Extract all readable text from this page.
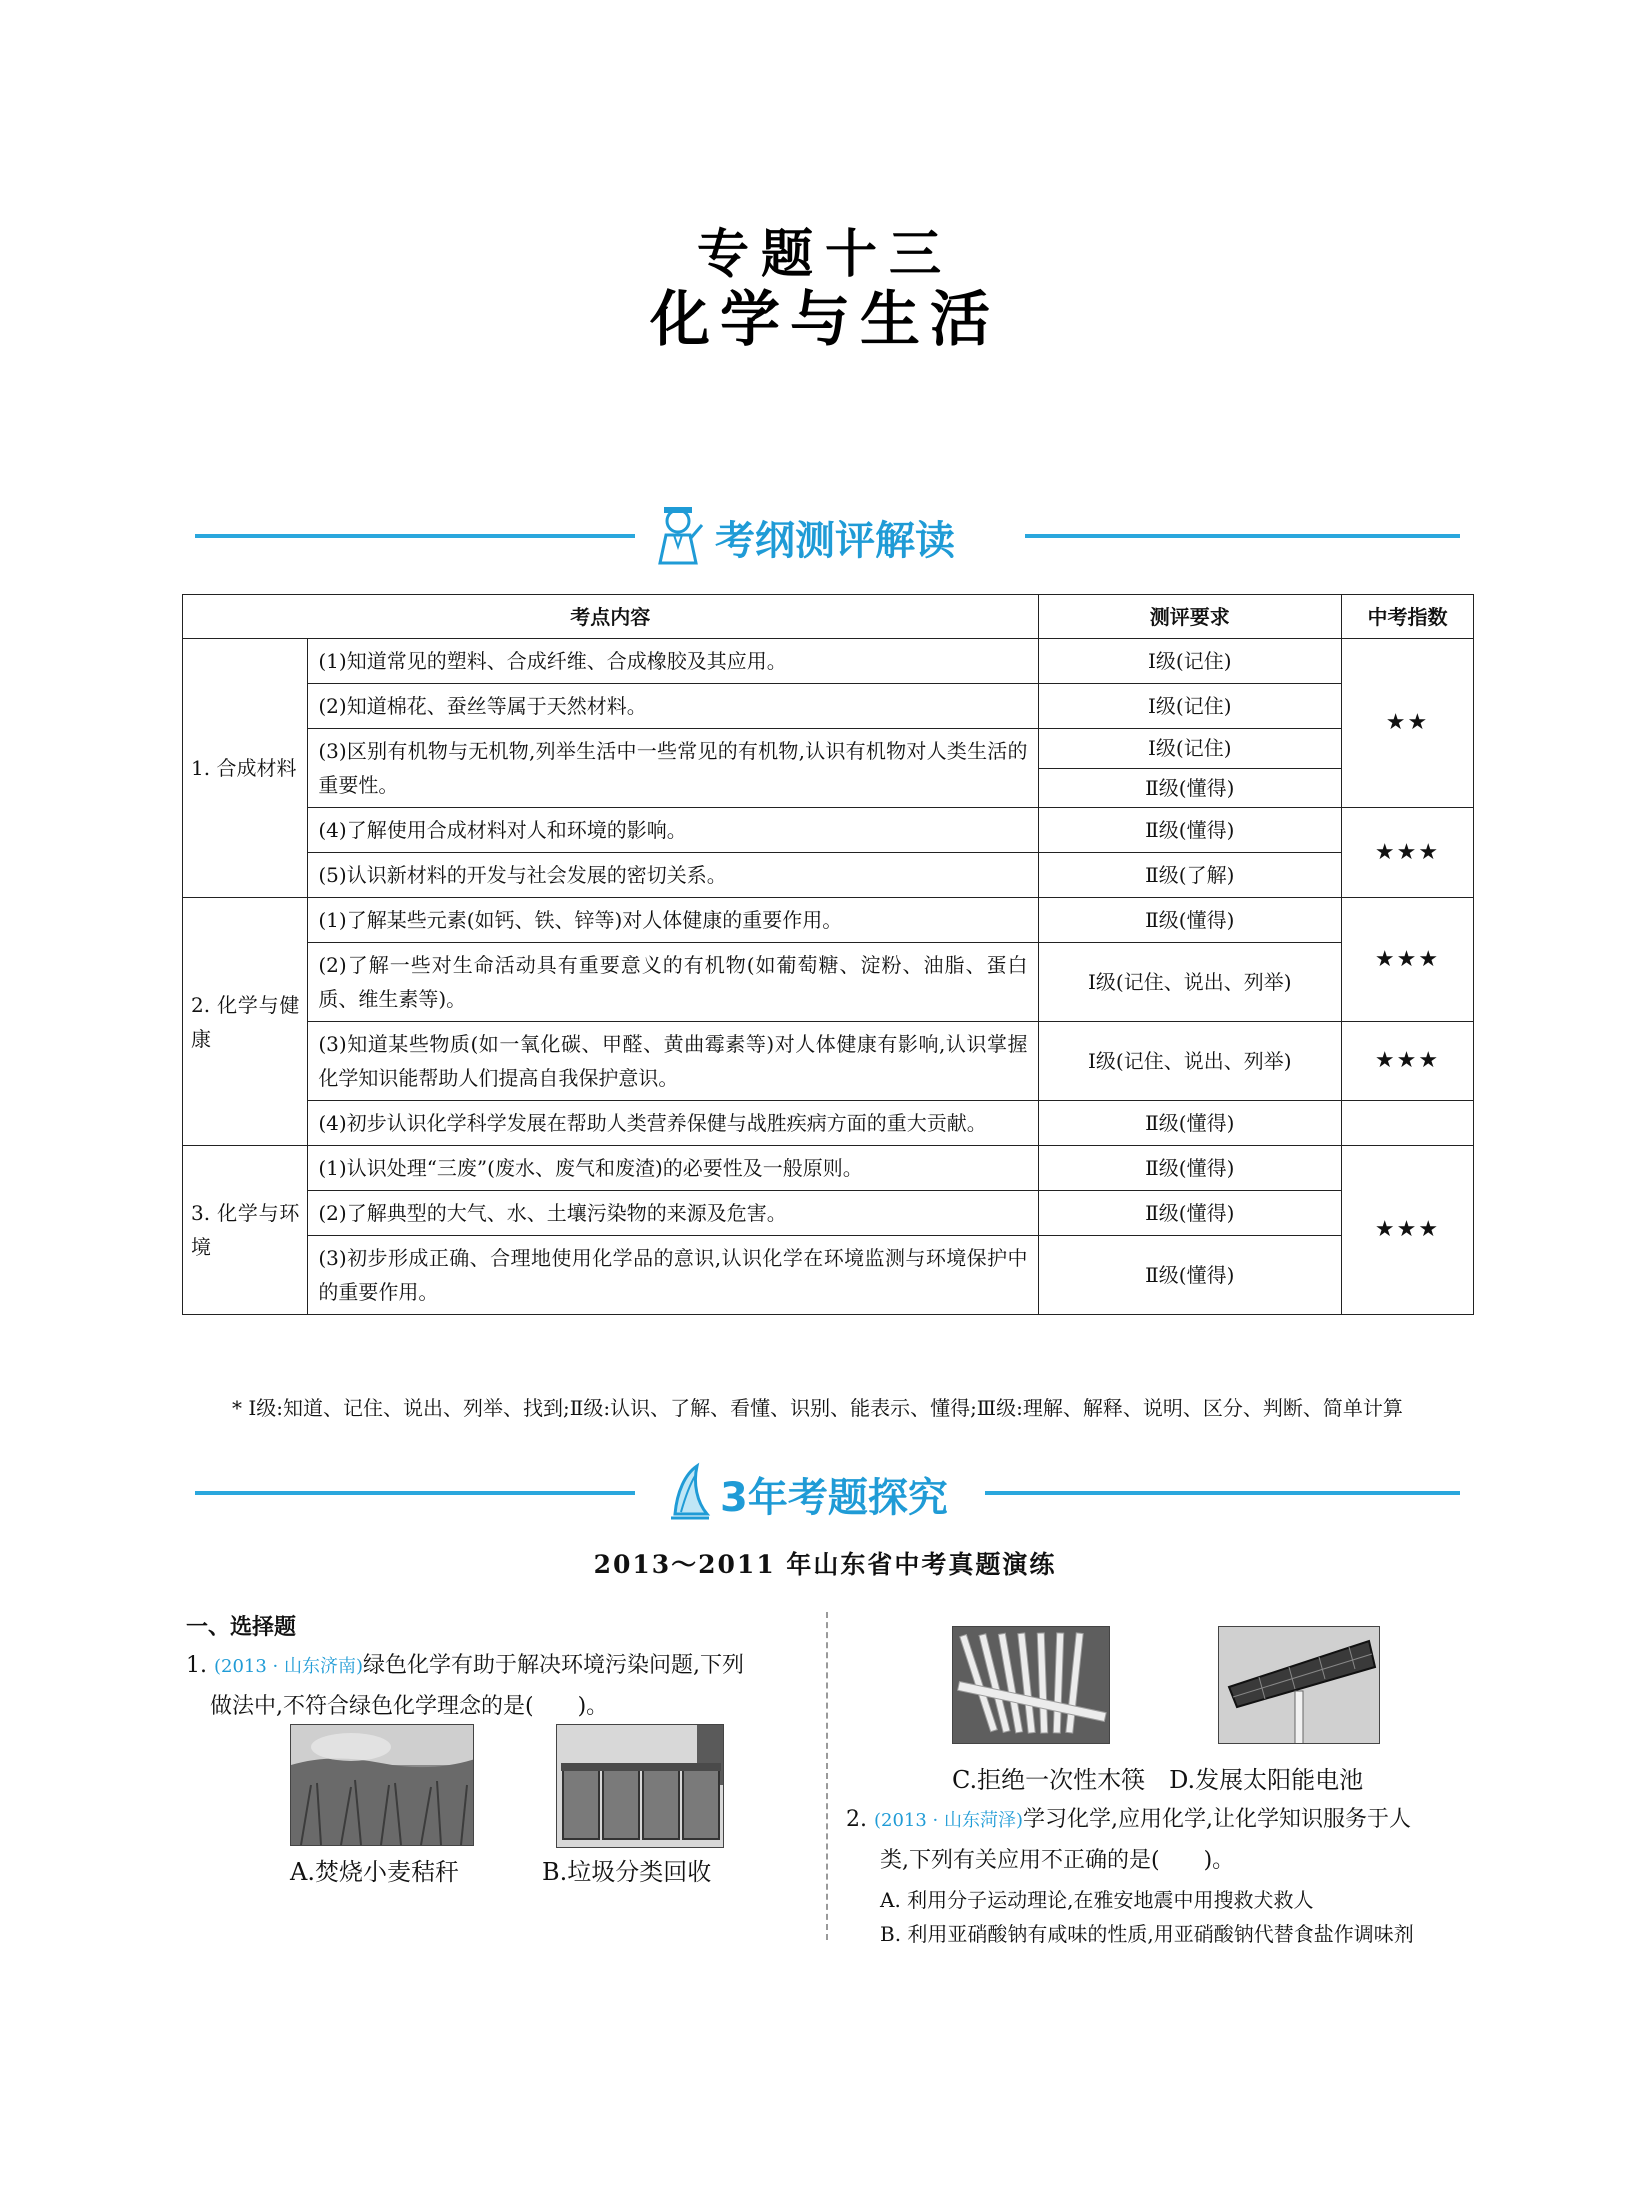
专题十三
化学与生活
考纲测评解读
考点内容		测评要求	中考指数
1. 合成材料	(1)知道常见的塑料、合成纤维、合成橡胶及其应用。	Ⅰ级(记住)	★★
	(2)知道棉花、蚕丝等属于天然材料。	Ⅰ级(记住)	
	(3)区别有机物与无机物,列举生活中一些常见的有机物,认识有机物对人类生活的重要性。	Ⅰ级(记住)	
		Ⅱ级(懂得)	
	(4)了解使用合成材料对人和环境的影响。	Ⅱ级(懂得)	★★★
	(5)认识新材料的开发与社会发展的密切关系。	Ⅱ级(了解)	
2. 化学与健康	(1)了解某些元素(如钙、铁、锌等)对人体健康的重要作用。	Ⅱ级(懂得)	★★★
	(2)了解一些对生命活动具有重要意义的有机物(如葡萄糖、淀粉、油脂、蛋白质、维生素等)。	Ⅰ级(记住、说出、列举)	
	(3)知道某些物质(如一氧化碳、甲醛、黄曲霉素等)对人体健康有影响,认识掌握化学知识能帮助人们提高自我保护意识。	Ⅰ级(记住、说出、列举)	★★★
	(4)初步认识化学科学发展在帮助人类营养保健与战胜疾病方面的重大贡献。	Ⅱ级(懂得)	
3. 化学与环境	(1)认识处理“三废”(废水、废气和废渣)的必要性及一般原则。	Ⅱ级(懂得)	★★★
	(2)了解典型的大气、水、土壤污染物的来源及危害。	Ⅱ级(懂得)	
	(3)初步形成正确、合理地使用化学品的意识,认识化学在环境监测与环境保护中的重要作用。	Ⅱ级(懂得)	
* Ⅰ级:知道、记住、说出、列举、找到;Ⅱ级:认识、了解、看懂、识别、能表示、懂得;Ⅲ级:理解、解释、说明、区分、判断、简单计算
3年考题探究
2013～2011 年山东省中考真题演练
一、选择题
1. (2013 · 山东济南)绿色化学有助于解决环境污染问题,下列
做法中,不符合绿色化学理念的是(　　)。
A.焚烧小麦秸秆	B.垃圾分类回收
C.拒绝一次性木筷　D.发展太阳能电池
2. (2013 · 山东菏泽)学习化学,应用化学,让化学知识服务于人
类,下列有关应用不正确的是(　　)。
A. 利用分子运动理论,在雅安地震中用搜救犬救人
B. 利用亚硝酸钠有咸味的性质,用亚硝酸钠代替食盐作调味剂
